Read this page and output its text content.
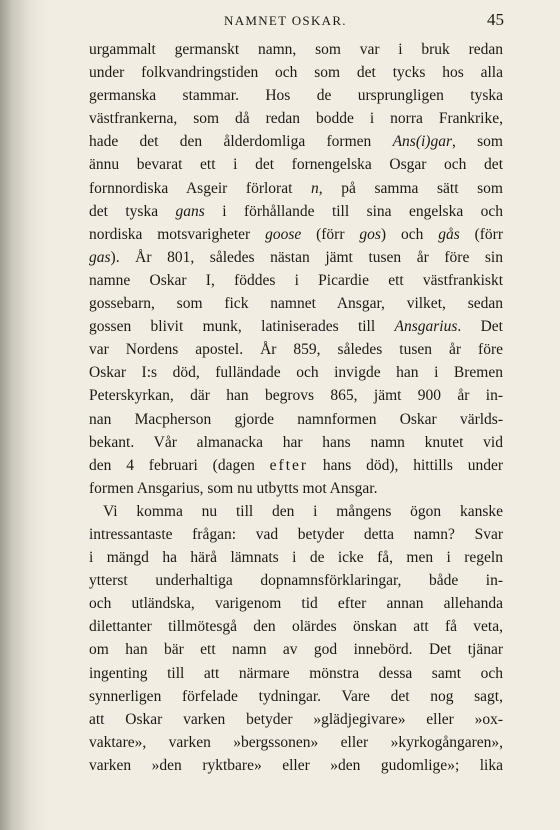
NAMNET OSKAR.	45
urgammalt germanskt namn, som var i bruk redan
under folkvandringstiden och som det tycks hos alla
germanska stammar. Hos de ursprungligen tyska
västfrankerna, som då redan bodde i norra Frankrike,
hade det den ålderdomliga formen Ans(i)gar, som
ännu bevarat ett i det fornengelska Osgar och det
fornnordiska Asgeir förlorat n, på samma sätt som
det tyska gans i förhållande till sina engelska och
nordiska motsvarigheter goose (förr gos) och gås (förr
gas). År 801, således nästan jämt tusen år före sin
namne Oskar I, föddes i Picardie ett västfrankiskt
gossebarn, som fick namnet Ansgar, vilket, sedan
gossen blivit munk, latiniserades till Ansgarius. Det
var Nordens apostel. År 859, således tusen år före
Oskar I:s död, fulländade och invigde han i Bremen
Peterskyrkan, där han begrovs 865, jämt 900 år in-
nan Macpherson gjorde namnformen Oskar världs-
bekant. Vår almanacka har hans namn knutet vid
den 4 februari (dagen efter hans död), hittills under
formen Ansgarius, som nu utbytts mot Ansgar.
Vi komma nu till den i mångens ögon kanske
intressantaste frågan: vad betyder detta namn? Svar
i mängd ha härå lämnats i de icke få, men i regeln
ytterst underhaltiga dopnamnsförklaringar, både in-
och utländska, varigenom tid efter annan allehanda
dilettanter tillmötesgå den olärdes önskan att få veta,
om han bär ett namn av god innebörd. Det tjänar
ingenting till att närmare mönstra dessa samt och
synnerligen förfelade tydningar. Vare det nog sagt,
att Oskar varken betyder »glädjegivare» eller »ox-
vaktare», varken »bergssonen» eller »kyrkogångaren»,
varken »den ryktbare» eller »den gudomlige»; lika
